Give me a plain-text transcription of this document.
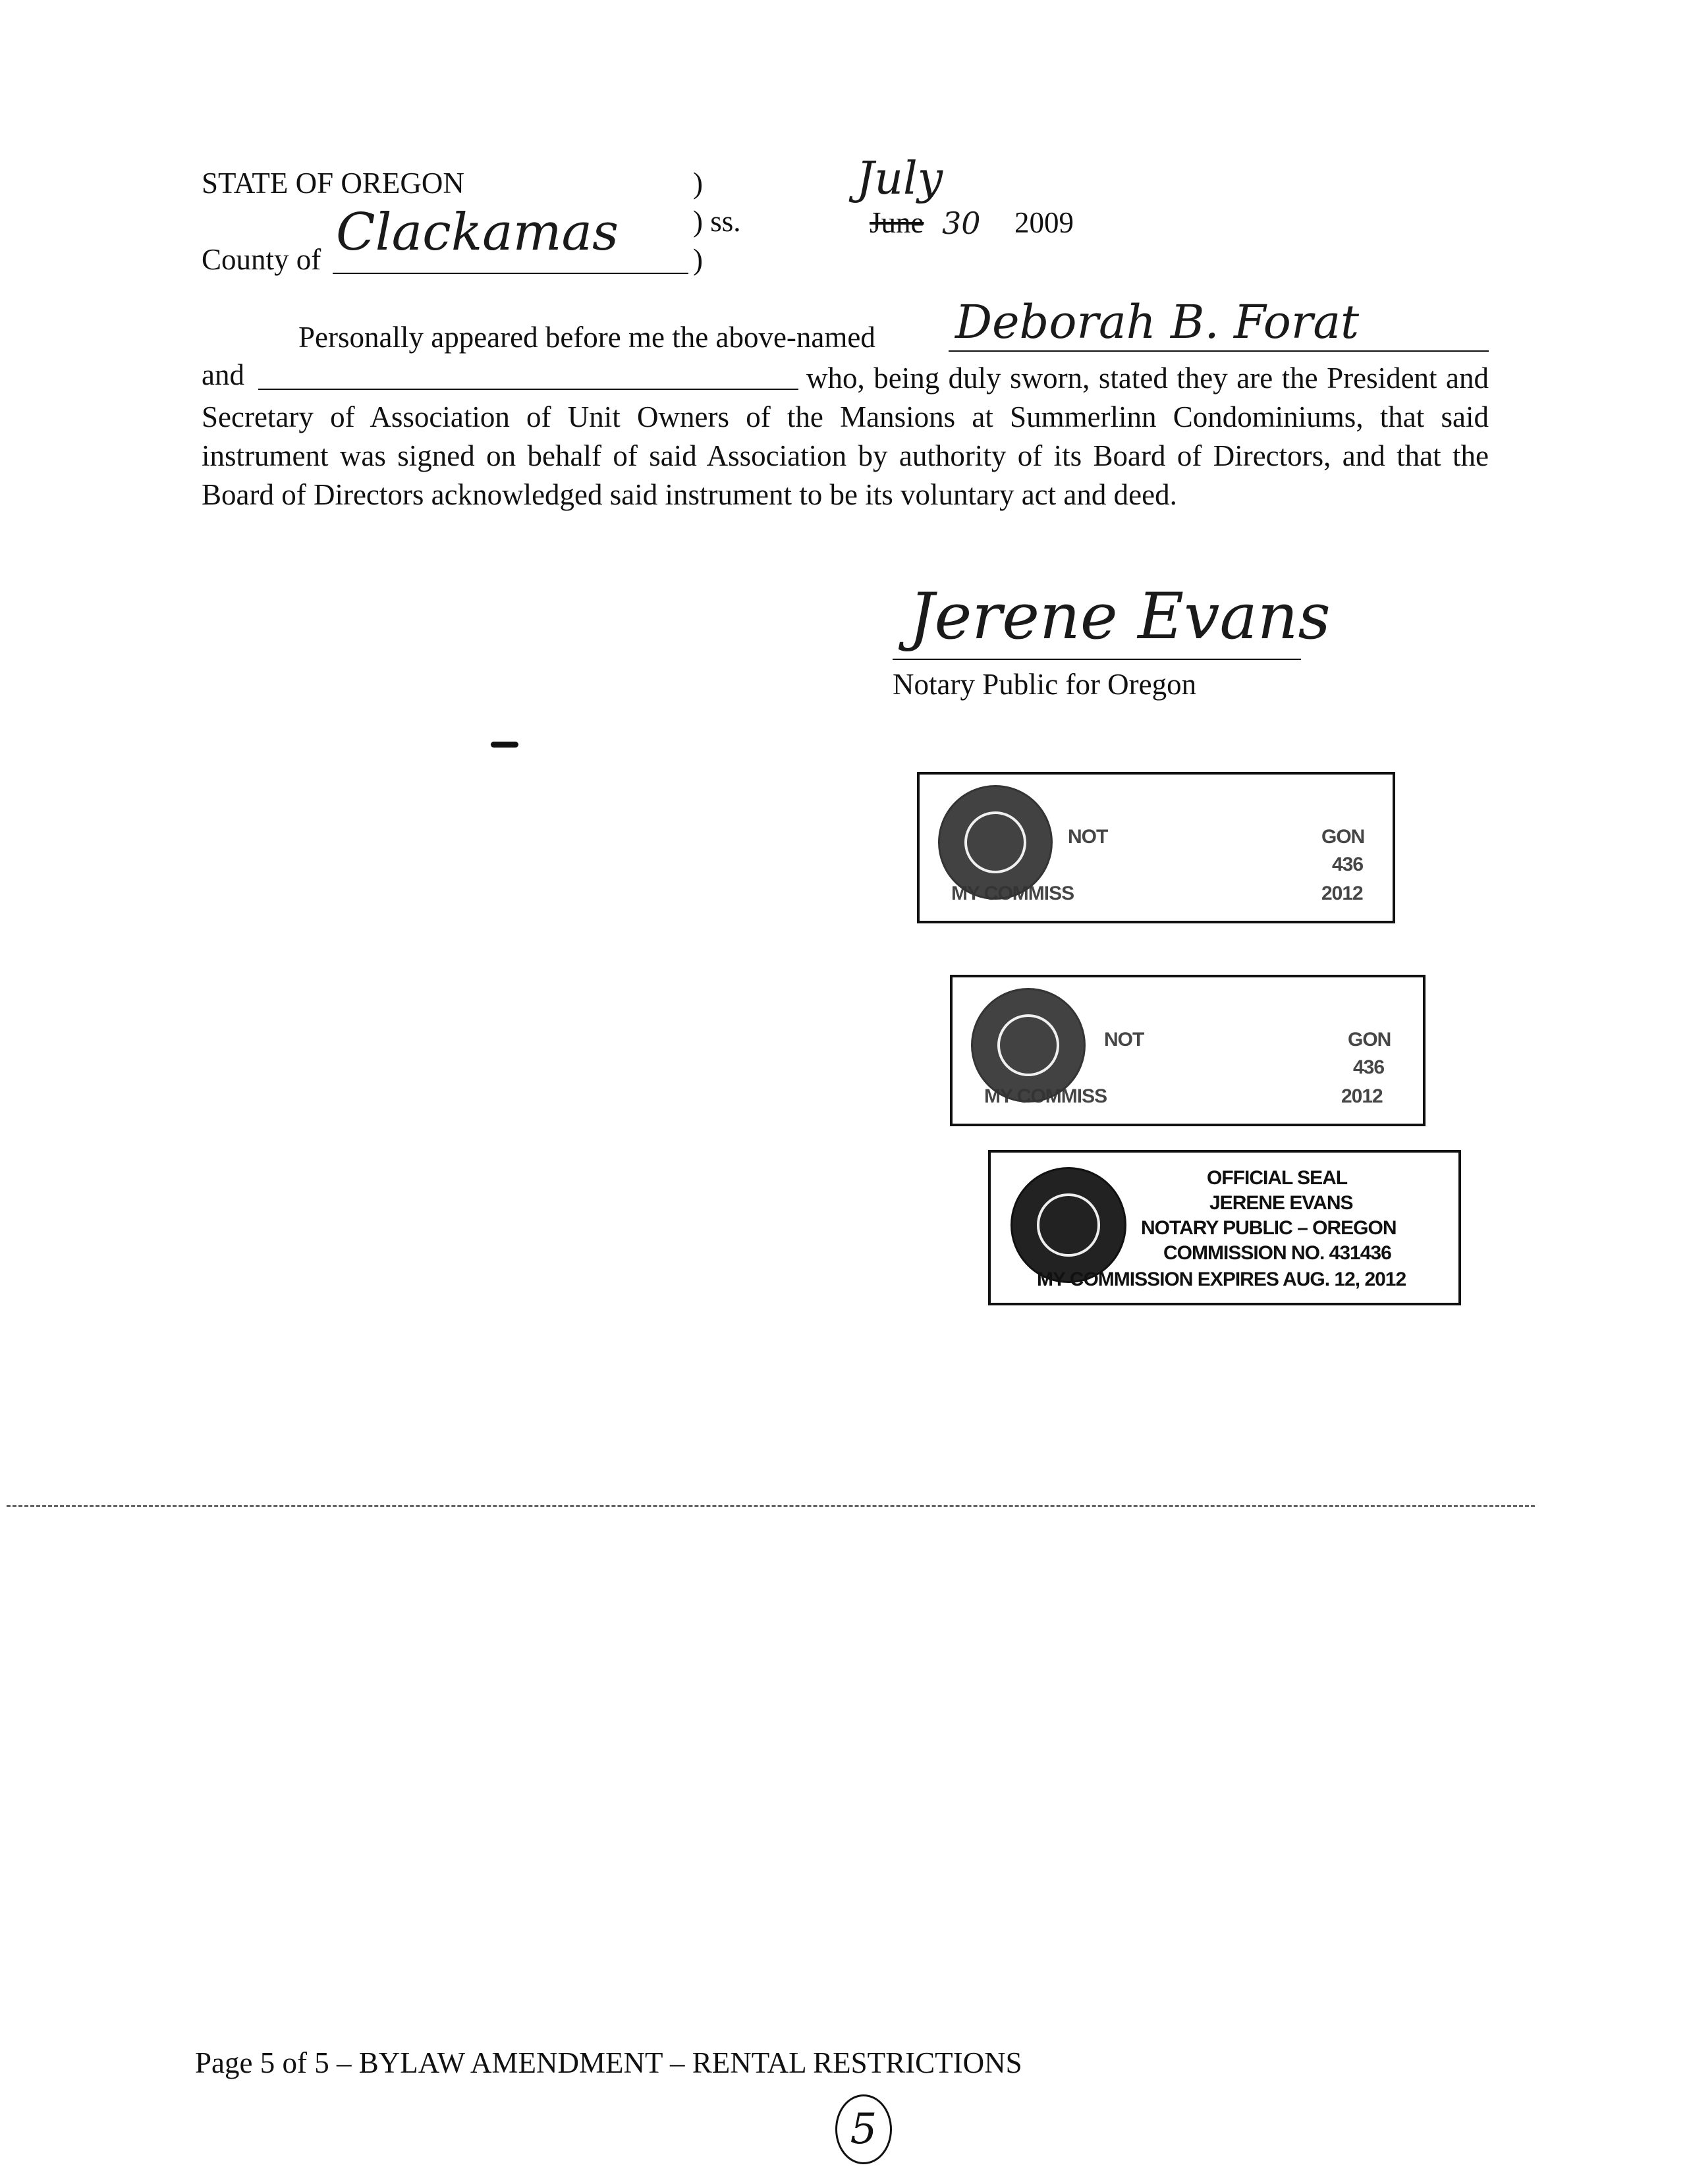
STATE OF OREGON	)
County of Clackamas	) ss.
)
July
June 30 2009
Personally appeared before me the above-named Deborah B. Forat
and	who, being duly sworn, stated they are the President and Secretary of Association of Unit Owners of the Mansions at Summerlinn Condominiums, that said instrument was signed on behalf of said Association by authority of its Board of Directors, and that the Board of Directors acknowledged said instrument to be its voluntary act and deed.
Jerene Evans
Notary Public for Oregon
NOT	GON
436
MY COMMISS	2012
NOT	GON
436
MY COMMISS	2012
OFFICIAL SEAL
JERENE EVANS
NOTARY PUBLIC – OREGON
COMMISSION NO. 431436
MY COMMISSION EXPIRES AUG. 12, 2012
Page 5 of 5 – BYLAW AMENDMENT – RENTAL RESTRICTIONS
5
